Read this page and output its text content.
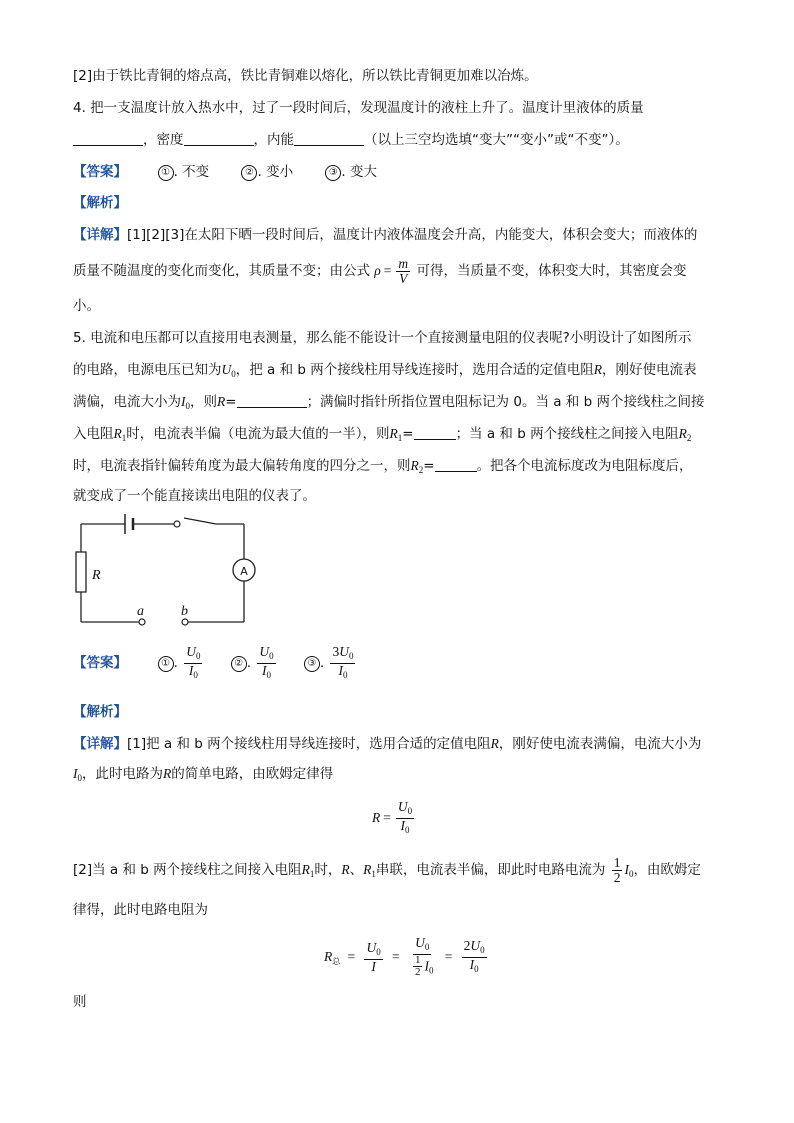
[2]由于铁比青铜的熔点高，铁比青铜难以熔化，所以铁比青铜更加难以冶炼。
4. 把一支温度计放入热水中，过了一段时间后，发现温度计的液柱上升了。温度计里液体的质量
，密度	，内能	（以上三空均选填“变大”“变小”或“不变”）。
【答案】	① . 不变	② . 变小	③ . 变大
【解析】
【详解】[1][2][3]在太阳下晒一段时间后，温度计内液体温度会升高，内能变大，体积会变大；而液体的
质量不随温度的变化而变化，其质量不变；由公式 $\rho = \frac{m}{V}$ 可得，当质量不变，体积变大时，其密度会变
小。
5. 电流和电压都可以直接用电表测量，那么能不能设计一个直接测量电阻的仪表呢?小明设计了如图所示
的电路，电源电压已知为$U_0$，把 a 和 b 两个接线柱用导线连接时，选用合适的定值电阻R，刚好使电流表
满偏，电流大小为$I_0$，则R=	；满偏时指针所指位置电阻标记为 0。当 a 和 b 两个接线柱之间接
入电阻$R_1$时，电流表半偏（电流为最大值的一半），则$R_1=$	；当 a 和 b 两个接线柱之间接入电阻$R_2$
时，电流表指针偏转角度为最大偏转角度的四分之一，则$R_2=$	。把各个电流标度改为电阻标度后，
就变成了一个能直接读出电阻的仪表了。
R	A
a	b
【答案】	① . $\frac{U_0}{I_0}$	② . $\frac{U_0}{I_0}$	③ . $\frac{3U_0}{I_0}$
【解析】
【详解】[1]把 a 和 b 两个接线柱用导线连接时，选用合适的定值电阻R，刚好使电流表满偏，电流大小为
$I_0$，此时电路为R的简单电路，由欧姆定律得
$R = \frac{U_0}{I_0}$
[2]当 a 和 b 两个接线柱之间接入电阻$R_1$时，R、$R_1$串联，电流表半偏，即此时电路电流为 $\frac{1}{2} I_0$，由欧姆定
律得，此时电路电阻为
$R_总 = \frac{U_0}{I} = \frac{U_0}{\frac{1}{2} I_0} = \frac{2U_0}{I_0}$
则
